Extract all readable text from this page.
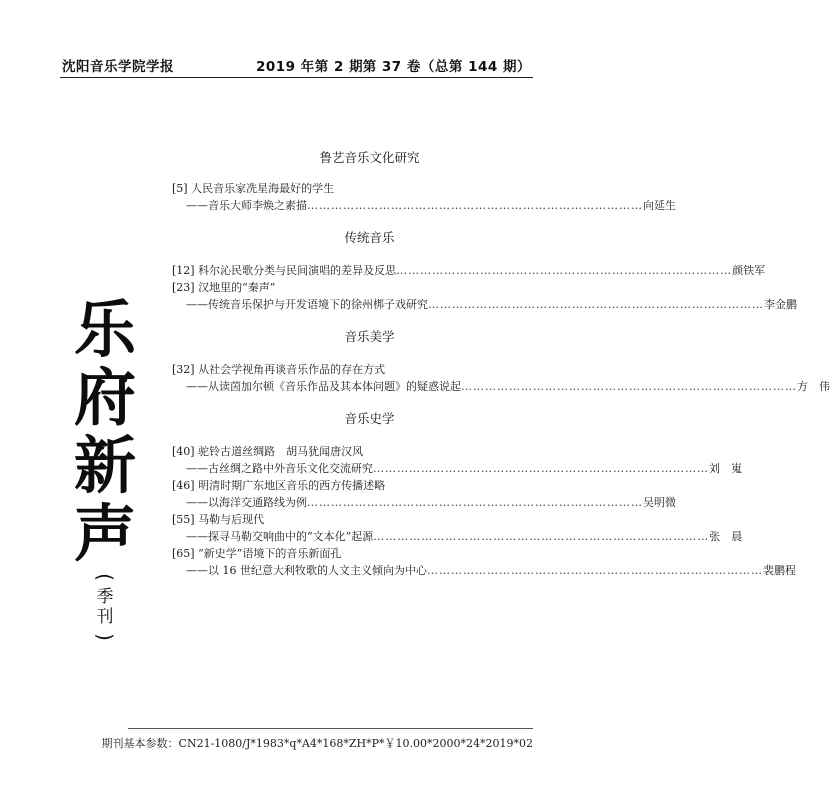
沈阳音乐学院学报	2019 年第 2 期 第 37 卷（总第 144 期）
乐
府
新
声
(
季
刊
)
鲁艺音乐文化研究
[5] 人民音乐家冼星海最好的学生
——音乐大师李焕之素描 ………………………………………………………………………… 向延生
传统音乐
[12] 科尔沁民歌分类与民间演唱的差异及反思 ………………………………………………………………………… 颜铁军
[23] 汉地里的“秦声”
——传统音乐保护与开发语境下的徐州梆子戏研究 ………………………………………………………………………… 李金鹏
音乐美学
[32] 从社会学视角再谈音乐作品的存在方式
——从读茵加尔顿《音乐作品及其本体问题》的疑惑说起 ………………………………………………………………………… 方　伟
音乐史学
[40] 驼铃古道丝绸路　胡马犹闻唐汉风
——古丝绸之路中外音乐文化交流研究 ………………………………………………………………………… 刘　嵬
[46] 明清时期广东地区音乐的西方传播述略
——以海洋交通路线为例 ………………………………………………………………………… 吴明微
[55] 马勒与后现代
——探寻马勒交响曲中的“文本化”起源 ………………………………………………………………………… 张　晨
[65] “新史学”语境下的音乐新面孔
——以 16 世纪意大利牧歌的人文主义倾向为中心 ………………………………………………………………………… 裴鹏程
期刊基本参数：CN21-1080/J*1983*q*A4*168*ZH*P*￥10.00*2000*24*2019*02
